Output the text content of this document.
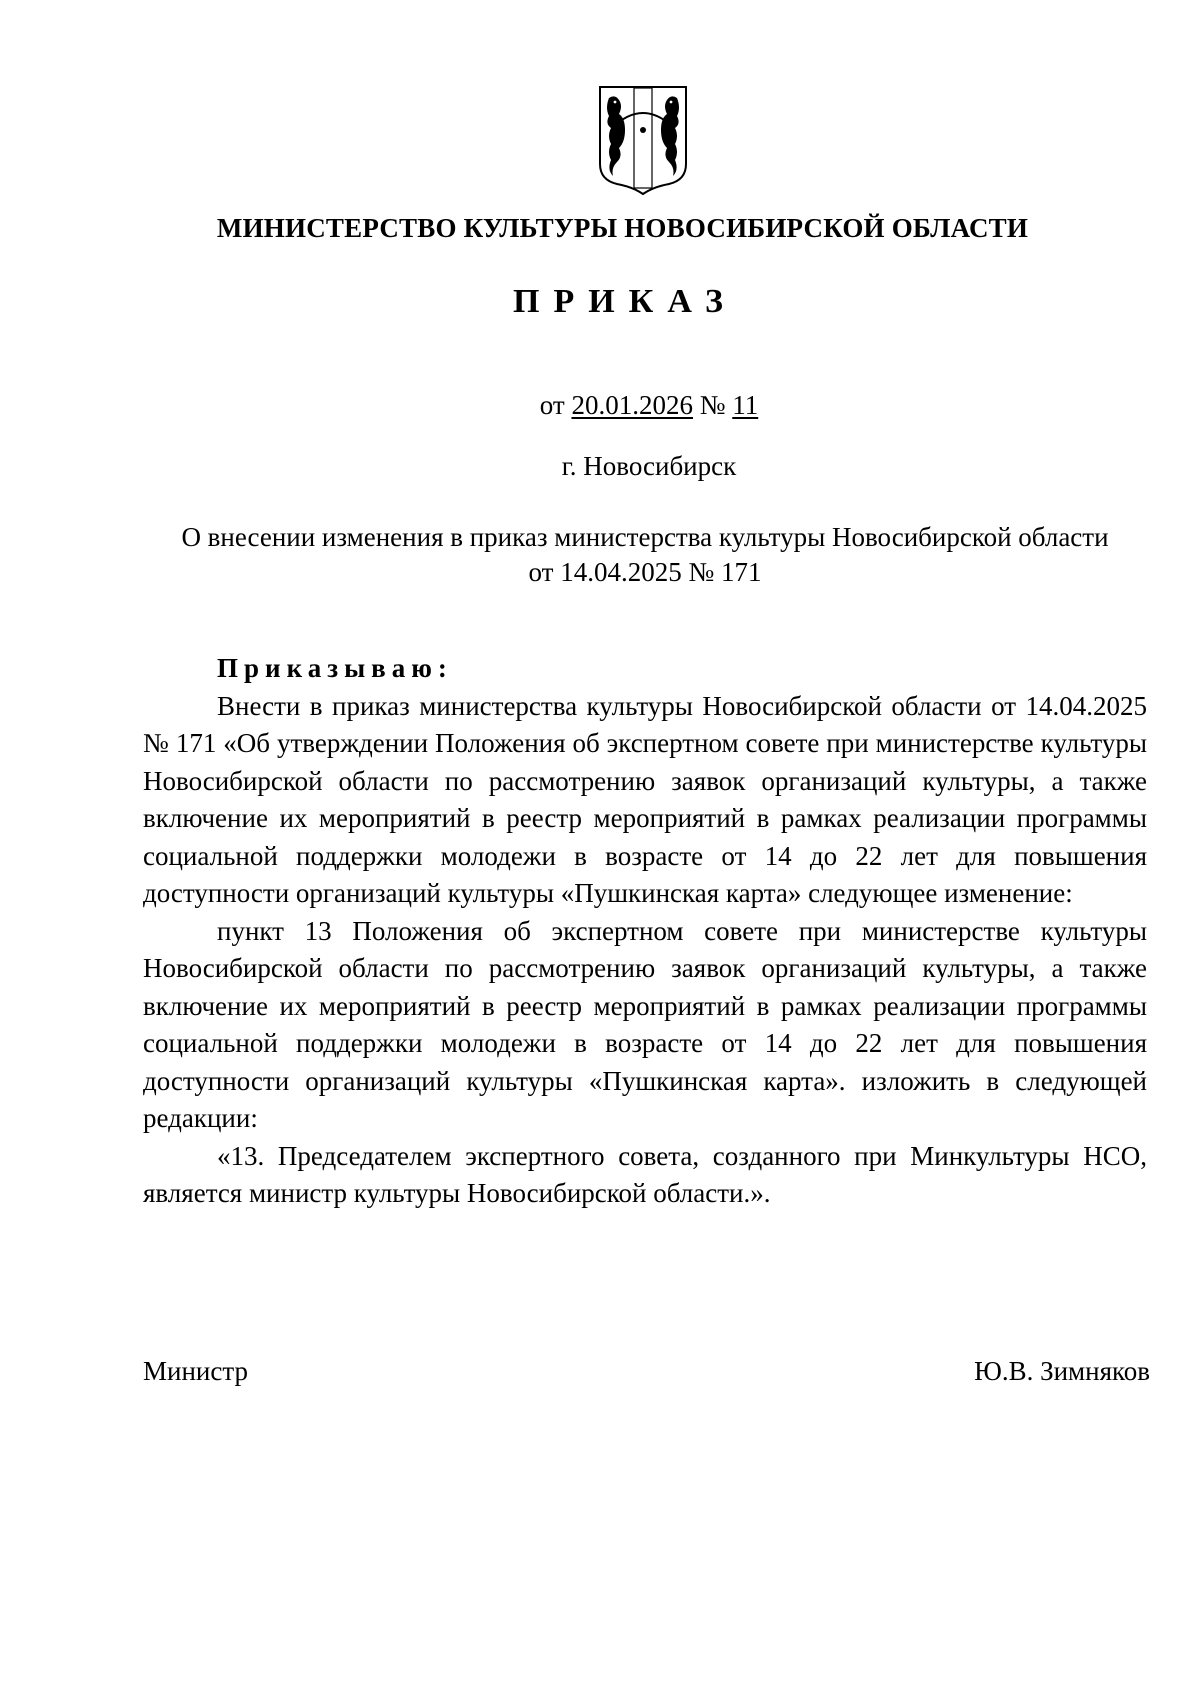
МИНИСТЕРСТВО КУЛЬТУРЫ НОВОСИБИРСКОЙ ОБЛАСТИ
ПРИКАЗ
от 20.01.2026 № 11
г. Новосибирск
О внесении изменения в приказ министерства культуры Новосибирской области
от 14.04.2025 № 171

Приказываю:

Внести в приказ министерства культуры Новосибирской области от 14.04.2025 № 171 «Об утверждении Положения об экспертном совете при министерстве культуры Новосибирской области по рассмотрению заявок организаций культуры, а также включение их мероприятий в реестр мероприятий в рамках реализации программы социальной поддержки молодежи в возрасте от 14 до 22 лет для повышения доступности организаций культуры «Пушкинская карта» следующее изменение:

пункт 13 Положения об экспертном совете при министерстве культуры Новосибирской области по рассмотрению заявок организаций культуры, а также включение их мероприятий в реестр мероприятий в рамках реализации программы социальной поддержки молодежи в возрасте от 14 до 22 лет для повышения доступности организаций культуры «Пушкинская карта». изложить в следующей редакции:

«13. Председателем экспертного совета, созданного при Минкультуры НСО, является министр культуры Новосибирской области.».

Министр	Ю.В. Зимняков
